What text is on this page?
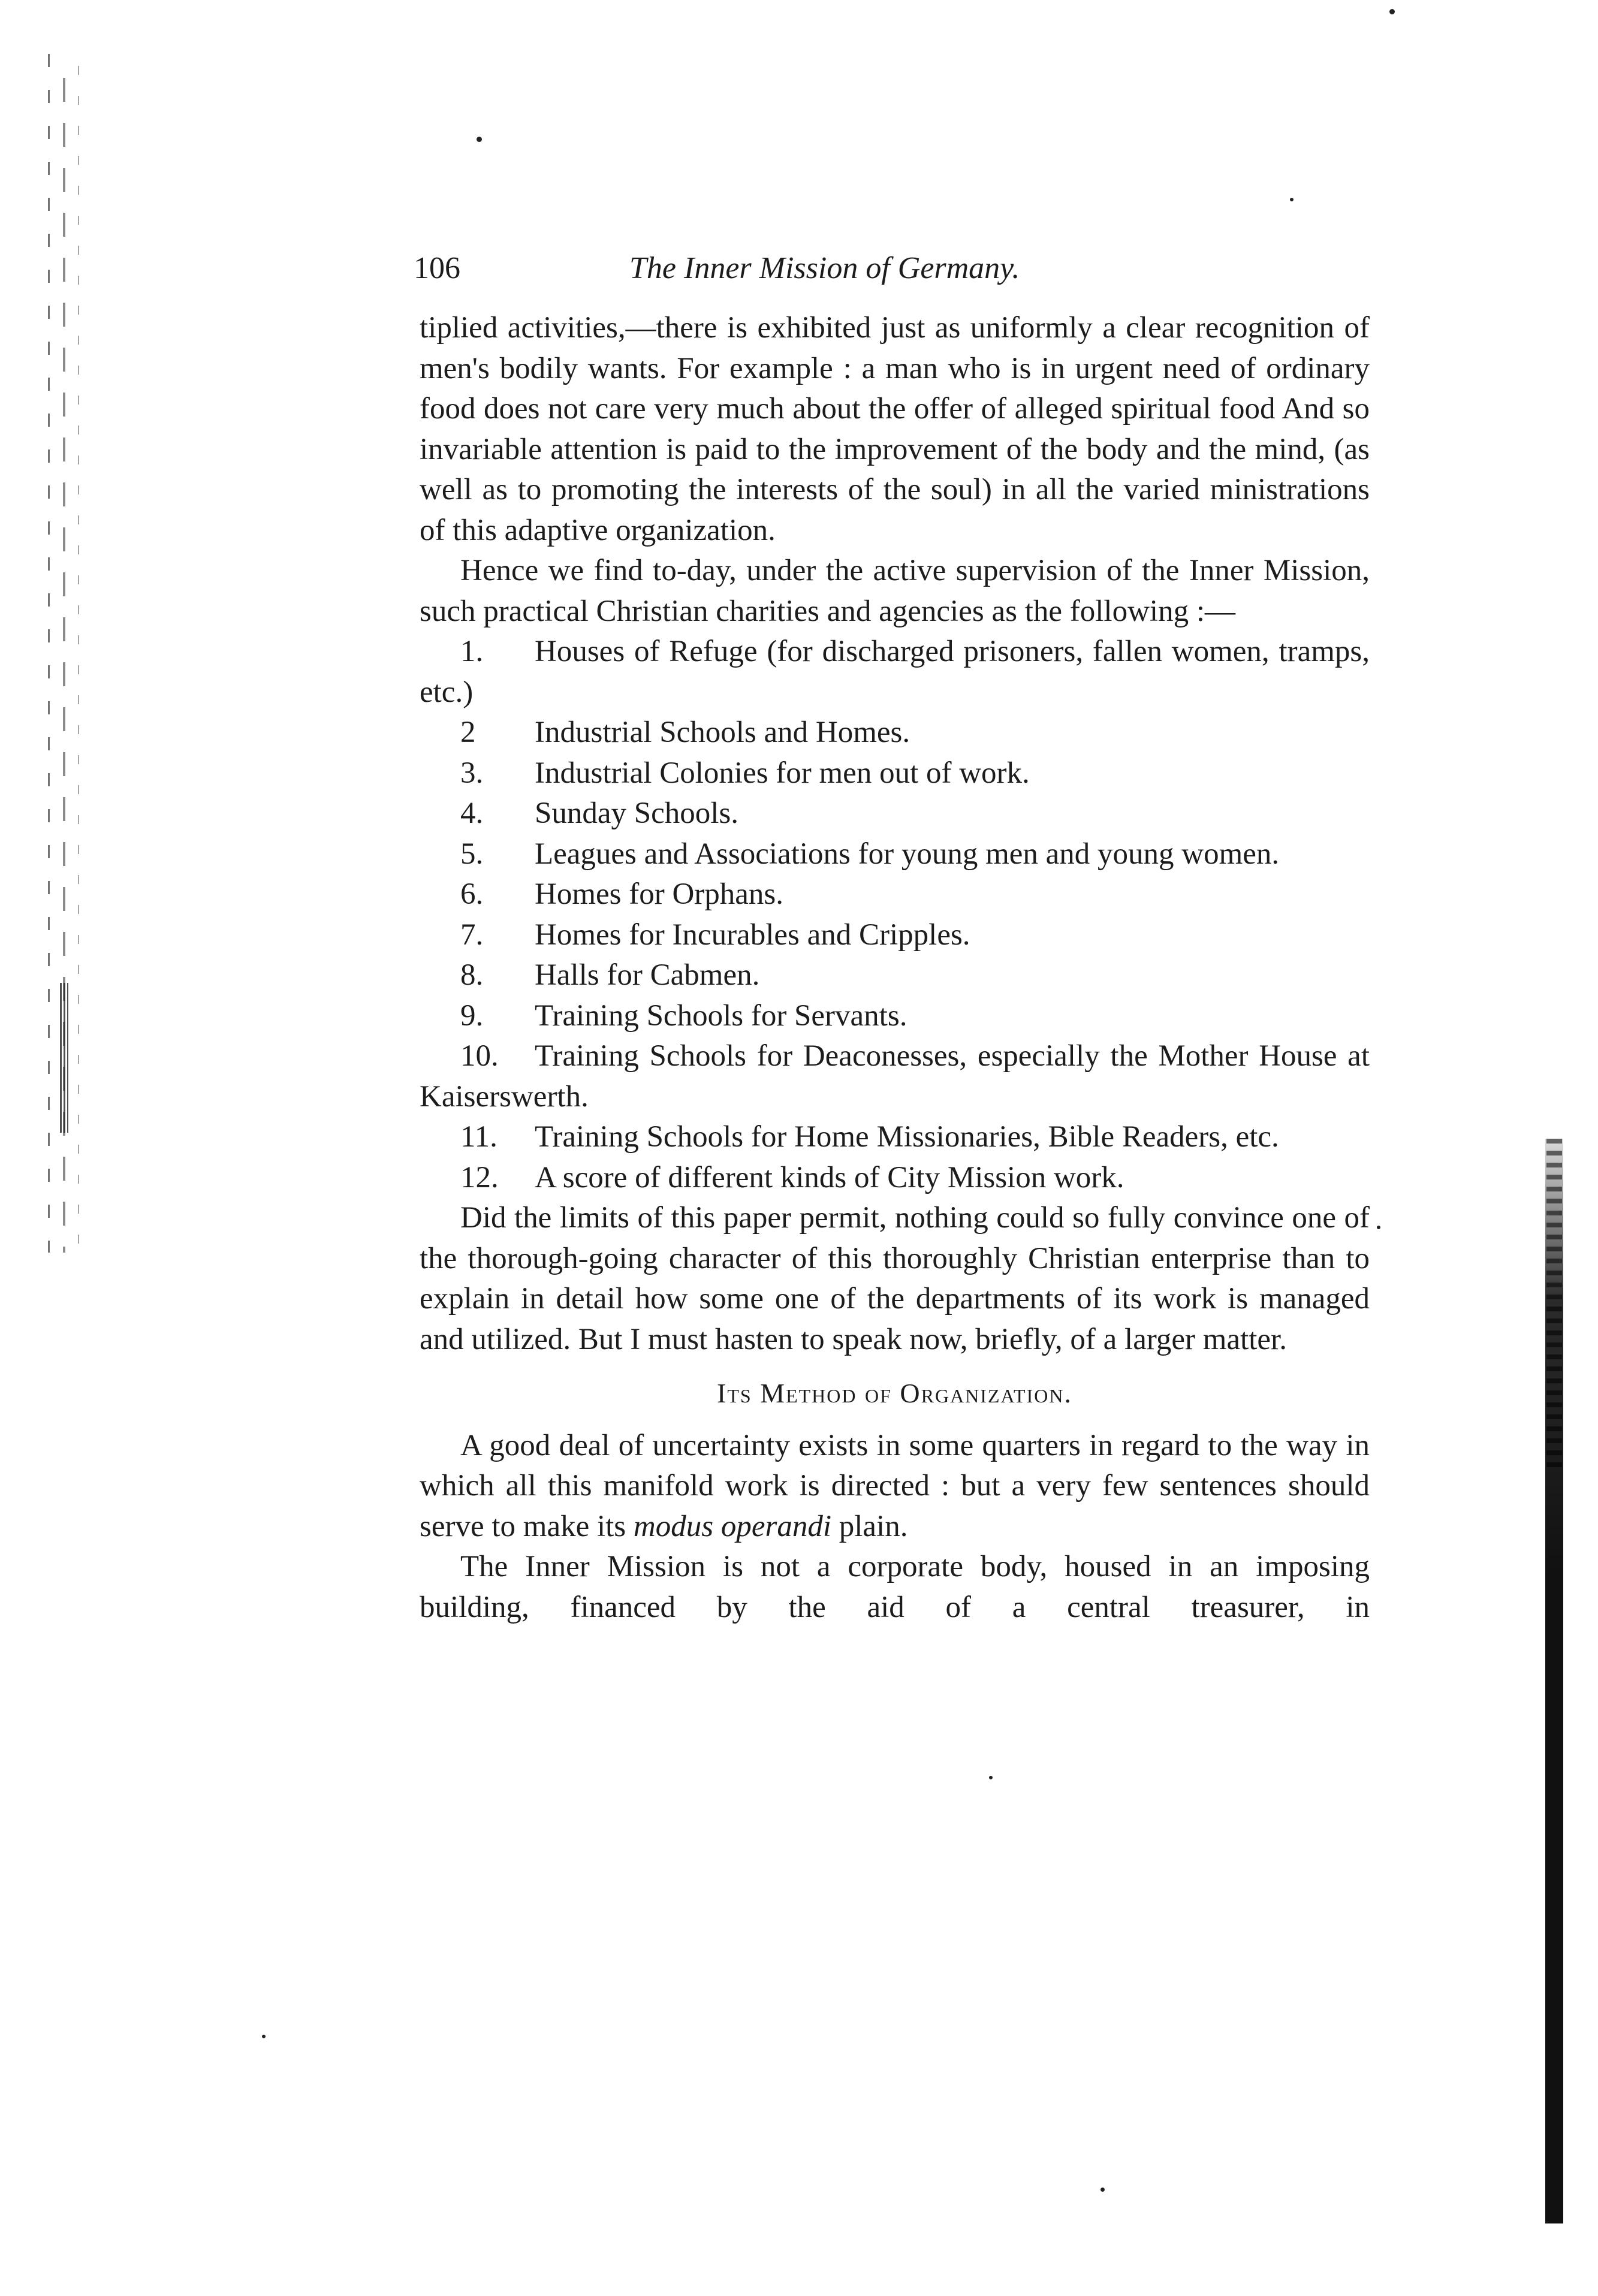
106	The Inner Mission of Germany.

tiplied activities,—there is exhibited just as uniformly a clear recognition of men's bodily wants. For example : a man who is in urgent need of ordinary food does not care very much about the offer of alleged spiritual food And so invariable attention is paid to the improvement of the body and the mind, (as well as to promoting the interests of the soul) in all the varied ministrations of this adaptive organization.

Hence we find to-day, under the active supervision of the Inner Mission, such practical Christian charities and agencies as the following :—

1. Houses of Refuge (for discharged prisoners, fallen women, tramps, etc.)
2 Industrial Schools and Homes.
3. Industrial Colonies for men out of work.
4. Sunday Schools.
5. Leagues and Associations for young men and young women.
6. Homes for Orphans.
7. Homes for Incurables and Cripples.
8. Halls for Cabmen.
9. Training Schools for Servants.
10. Training Schools for Deaconesses, especially the Mother House at Kaiserswerth.
11. Training Schools for Home Missionaries, Bible Readers, etc.
12. A score of different kinds of City Mission work.

Did the limits of this paper permit, nothing could so fully convince one of the thorough-going character of this thoroughly Christian enterprise than to explain in detail how some one of the departments of its work is managed and utilized. But I must hasten to speak now, briefly, of a larger matter.

Its Method of Organization.

A good deal of uncertainty exists in some quarters in regard to the way in which all this manifold work is directed : but a very few sentences should serve to make its modus operandi plain.

The Inner Mission is not a corporate body, housed in an imposing building, financed by the aid of a central treasurer, in
